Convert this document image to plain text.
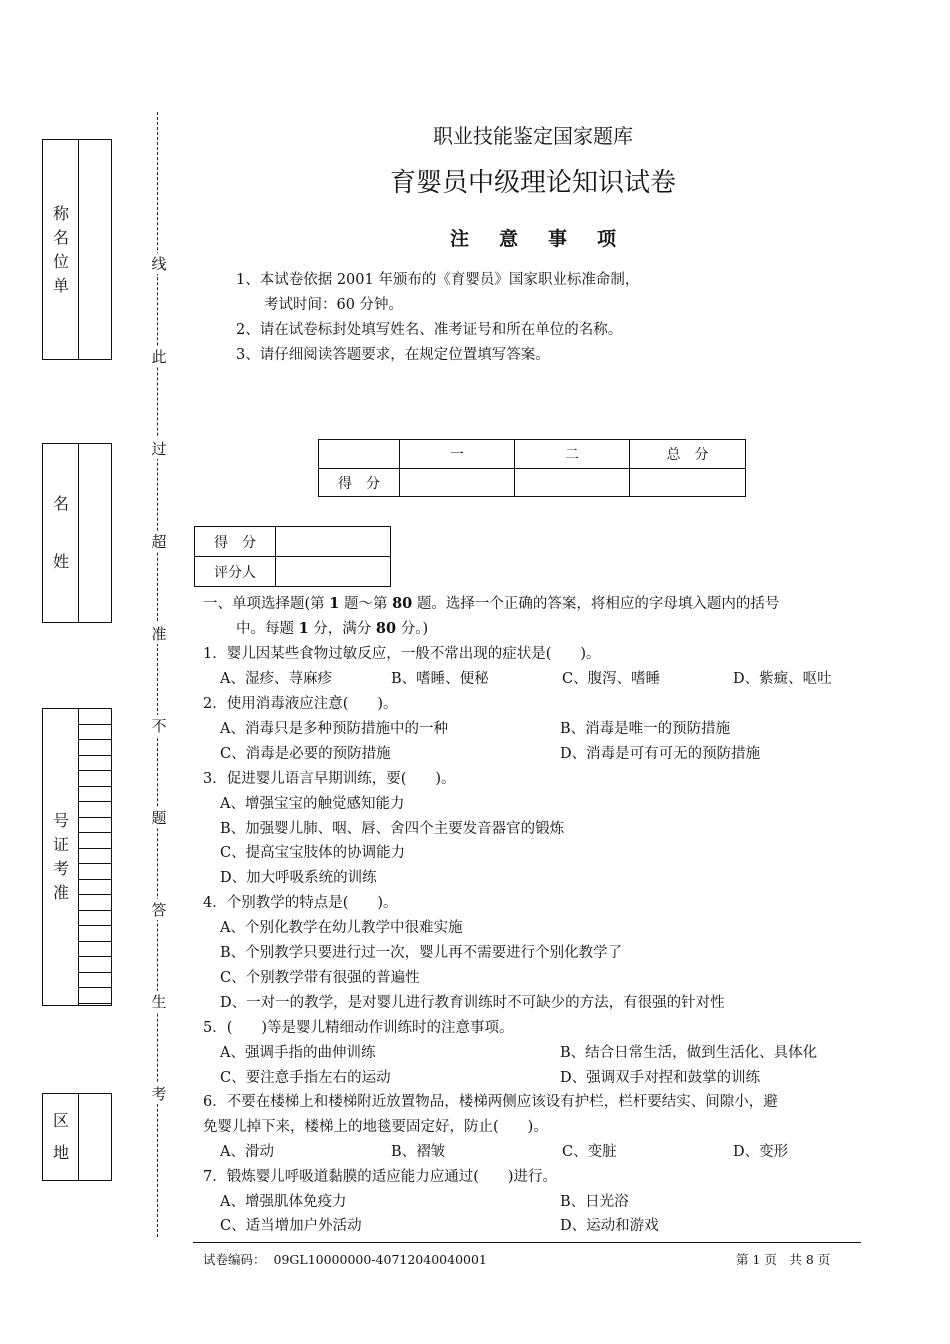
称
名
位
单
名
姓
号
证
考
准
区
地
线
此
过
超
准
不
题
答
生
考
职业技能鉴定国家题库
育婴员中级理论知识试卷
注意事项
1、本试卷依据 2001 年颁布的《育婴员》国家职业标准命制，
考试时间：60 分钟。
2、请在试卷标封处填写姓名、准考证号和所在单位的名称。
3、请仔细阅读答题要求，在规定位置填写答案。
	一	二	总　分
得　分			
得　分	
评分人	
一、单项选择题(第 1 题～第 80 题。选择一个正确的答案，将相应的字母填入题内的括号
中。每题 1 分，满分 80 分。)
1．婴儿因某些食物过敏反应，一般不常出现的症状是(　　)。
A、湿疹、荨麻疹	B、嗜睡、便秘	C、腹泻、嗜睡	D、紫癍、呕吐
2．使用消毒液应注意(　　)。
A、消毒只是多种预防措施中的一种	B、消毒是唯一的预防措施
C、消毒是必要的预防措施	D、消毒是可有可无的预防措施
3．促进婴儿语言早期训练，要(　　)。
A、增强宝宝的触觉感知能力
B、加强婴儿肺、咽、唇、舍四个主要发音器官的锻炼
C、提高宝宝肢体的协调能力
D、加大呼吸系统的训练
4．个别教学的特点是(　　)。
A、个别化教学在幼儿教学中很难实施
B、个别教学只要进行过一次，婴儿再不需要进行个别化教学了
C、个别教学带有很强的普遍性
D、一对一的教学，是对婴儿进行教育训练时不可缺少的方法，有很强的针对性
5．(　　)等是婴儿精细动作训练时的注意事项。
A、强调手指的曲伸训练	B、结合日常生活，做到生活化、具体化
C、要注意手指左右的运动	D、强调双手对捏和鼓掌的训练
6．不要在楼梯上和楼梯附近放置物品，楼梯两侧应该设有护栏，栏杆要结实、间隙小，避
免婴儿掉下来，楼梯上的地毯要固定好，防止(　　)。
A、滑动	B、褶皱	C、变脏	D、变形
7．锻炼婴儿呼吸道黏膜的适应能力应通过(　　)进行。
A、增强肌体免疫力	B、日光浴
C、适当增加户外活动	D、运动和游戏
试卷编码： 09GL10000000-40712040040001	第 1 页　共 8 页
